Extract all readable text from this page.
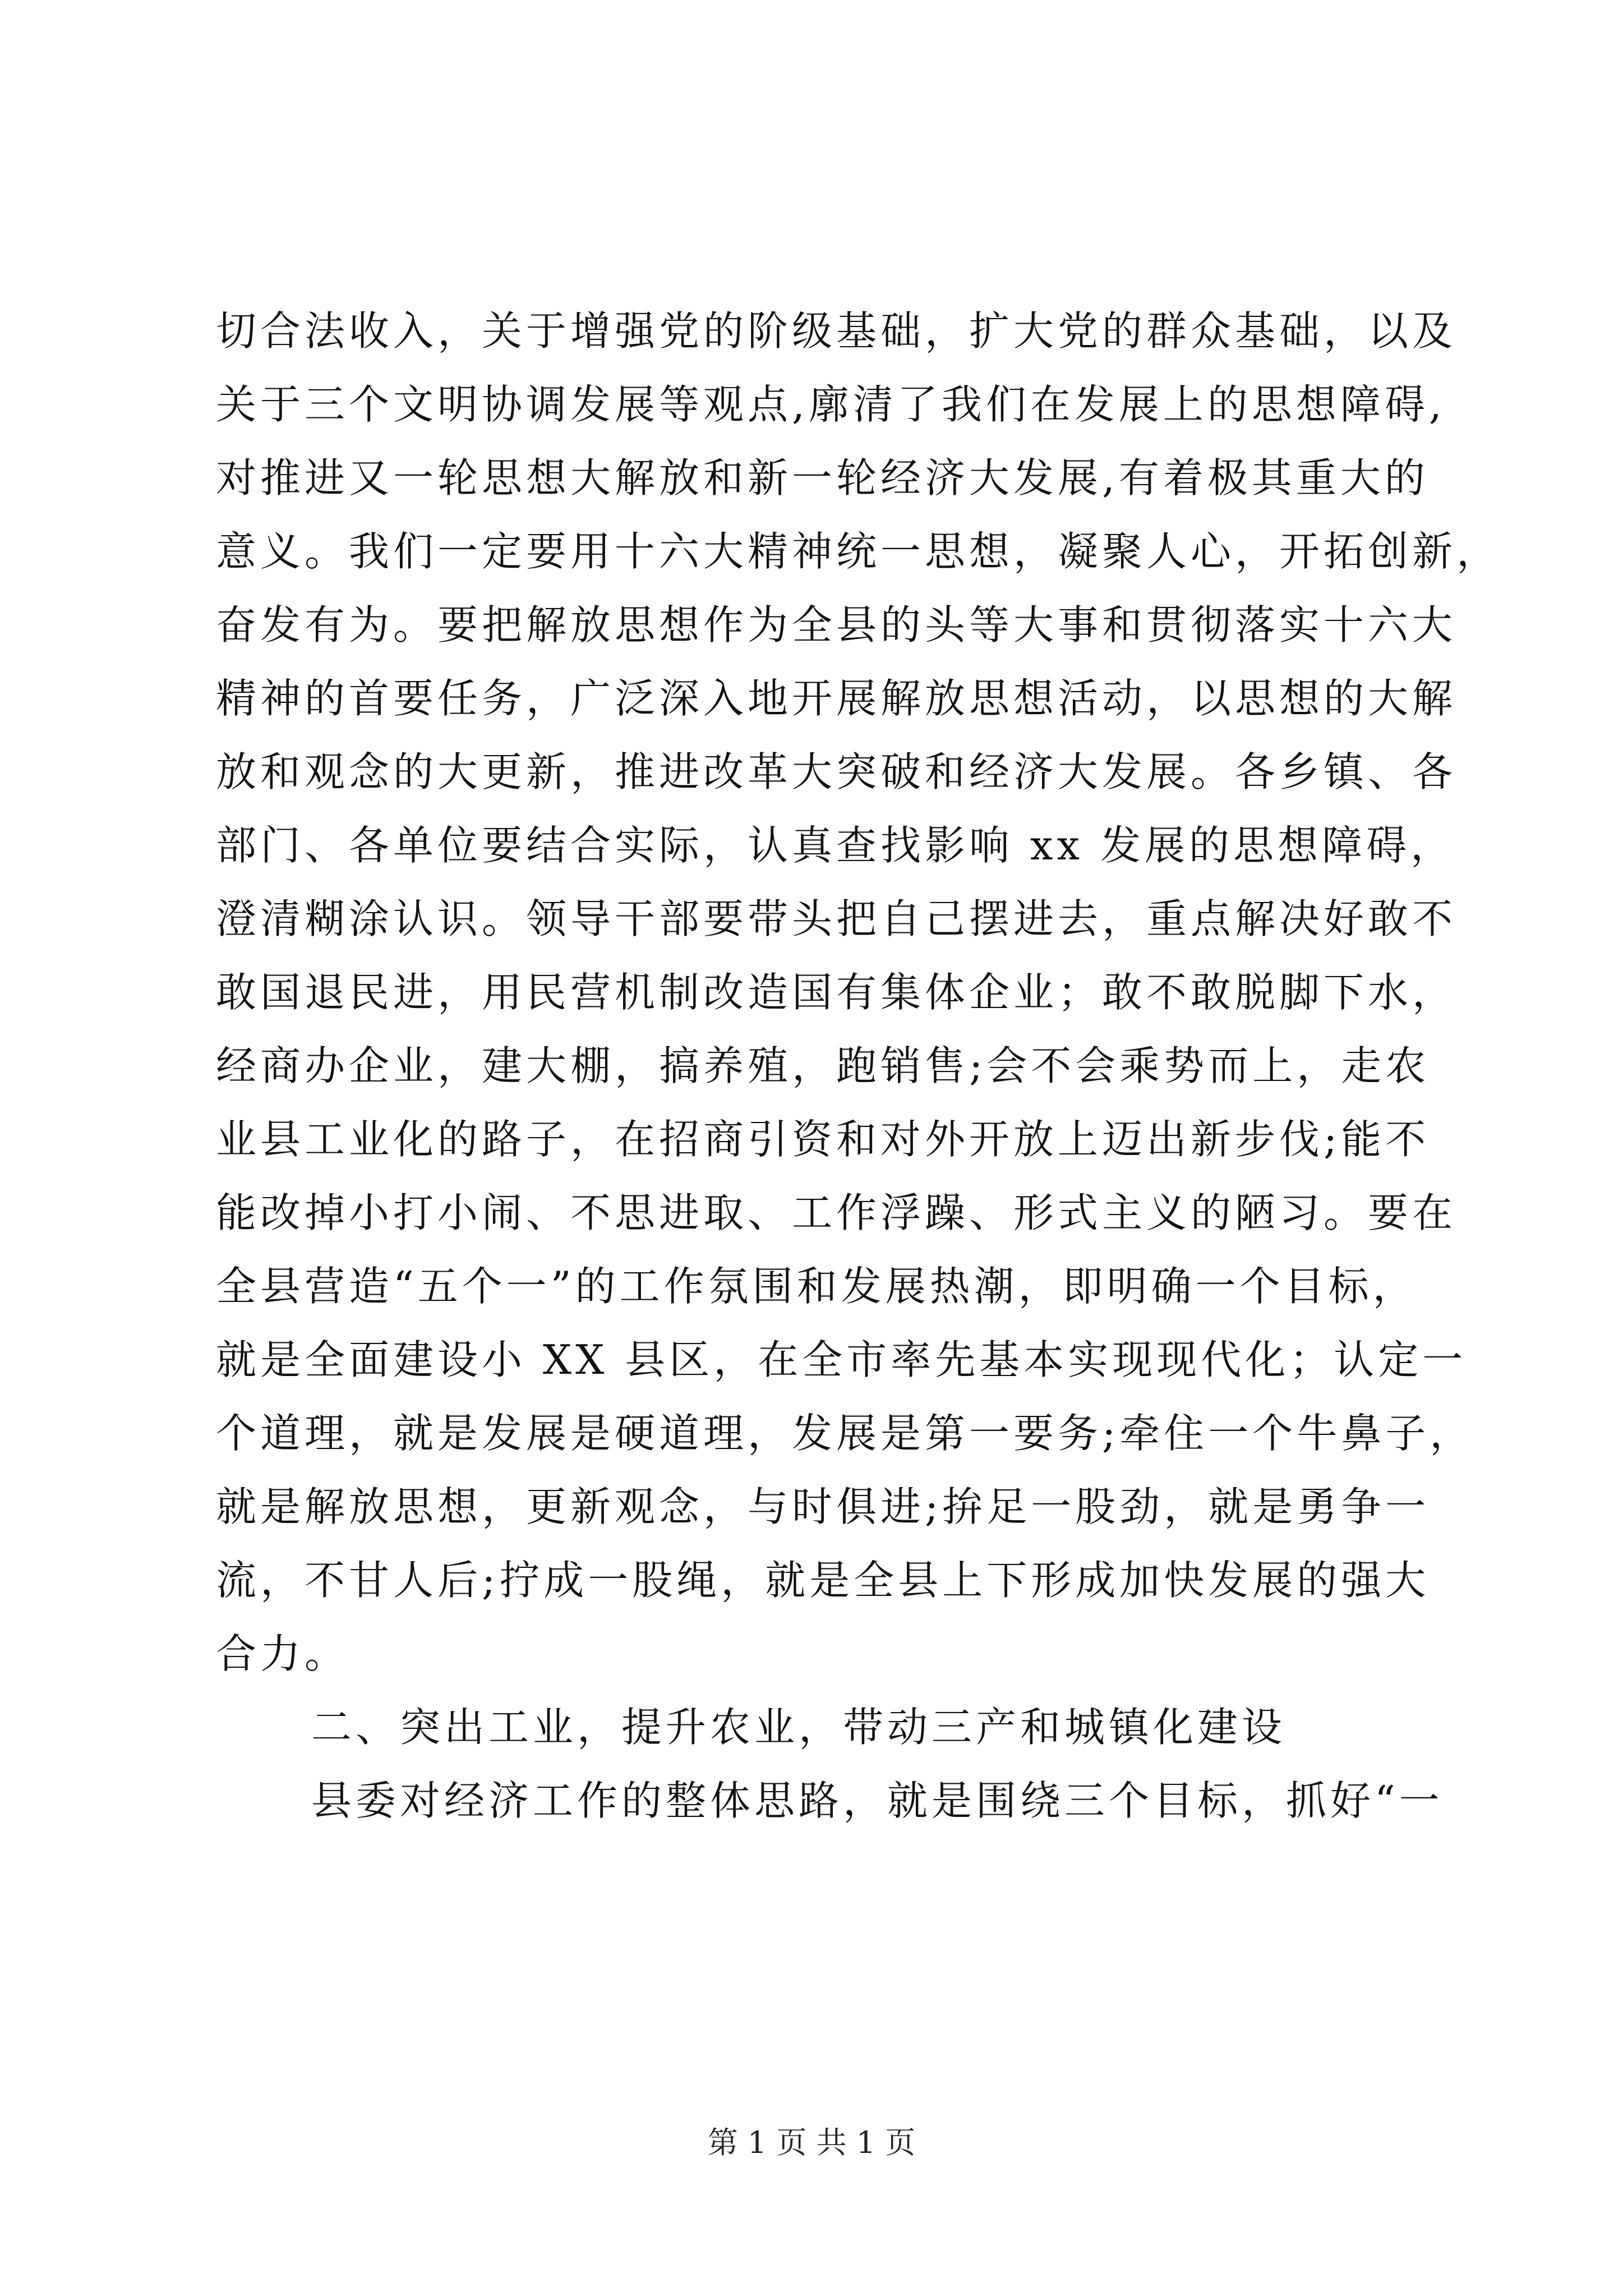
切合法收入，关于增强党的阶级基础，扩大党的群众基础，以及
关于三个文明协调发展等观点,廓清了我们在发展上的思想障碍,
对推进又一轮思想大解放和新一轮经济大发展,有着极其重大的
意义。我们一定要用十六大精神统一思想，凝聚人心，开拓创新，
奋发有为。要把解放思想作为全县的头等大事和贯彻落实十六大
精神的首要任务，广泛深入地开展解放思想活动，以思想的大解
放和观念的大更新，推进改革大突破和经济大发展。各乡镇、各
部门、各单位要结合实际，认真查找影响 xx 发展的思想障碍，
澄清糊涂认识。领导干部要带头把自己摆进去，重点解决好敢不
敢国退民进，用民营机制改造国有集体企业；敢不敢脱脚下水，
经商办企业，建大棚，搞养殖，跑销售;会不会乘势而上，走农
业县工业化的路子，在招商引资和对外开放上迈出新步伐;能不
能改掉小打小闹、不思进取、工作浮躁、形式主义的陋习。要在
全县营造“五个一”的工作氛围和发展热潮，即明确一个目标，
就是全面建设小 XX 县区，在全市率先基本实现现代化；认定一
个道理，就是发展是硬道理，发展是第一要务;牵住一个牛鼻子，
就是解放思想，更新观念，与时俱进;拚足一股劲，就是勇争一
流，不甘人后;拧成一股绳，就是全县上下形成加快发展的强大
合力。
二、突出工业，提升农业，带动三产和城镇化建设
县委对经济工作的整体思路，就是围绕三个目标，抓好“一
第 1 页 共 1 页
